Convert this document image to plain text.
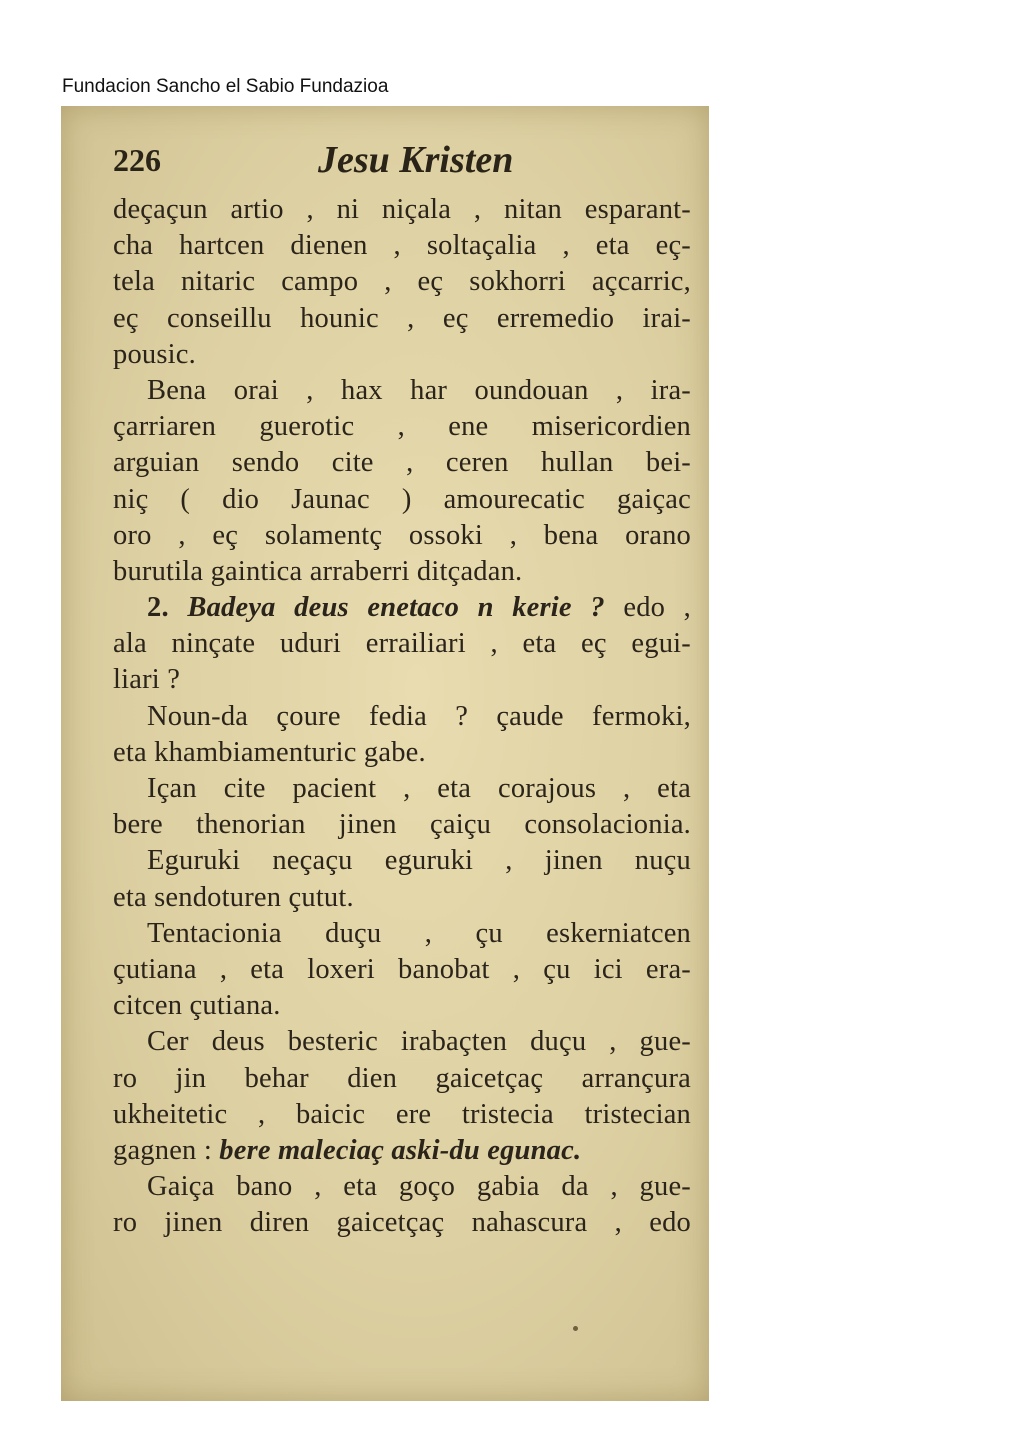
Fundacion Sancho el Sabio Fundazioa
226	Jesu Kristen
deçaçun artio , ni niçala , nitan esparant-
cha hartcen dienen , soltaçalia , eta eç-
tela nitaric campo , eç sokhorri açcarric,
eç conseillu hounic , eç erremedio irai-
pousic.
Bena orai , hax har oundouan , ira-
çarriaren guerotic , ene misericordien
arguian sendo cite , ceren hullan bei-
niç ( dio Jaunac ) amourecatic gaiçac
oro , eç solamentç ossoki , bena orano
burutila gaintica arraberri ditçadan.
2. Badeya deus enetaco n kerie ? edo ,
ala ninçate uduri errailiari , eta eç egui-
liari ?
Noun-da çoure fedia ? çaude fermoki,
eta khambiamenturic gabe.
Içan cite pacient , eta corajous , eta
bere thenorian jinen çaiçu consolacionia.
Eguruki neçaçu eguruki , jinen nuçu
eta sendoturen çutut.
Tentacionia duçu , çu eskerniatcen
çutiana , eta loxeri banobat , çu ici era-
citcen çutiana.
Cer deus besteric irabaçten duçu , gue-
ro jin behar dien gaicetçaç arrançura
ukheitetic , baicic ere tristecia tristecian
gagnen : bere maleciaç aski-du egunac.
Gaiça bano , eta goço gabia da , gue-
ro jinen diren gaicetçaç nahascura , edo
